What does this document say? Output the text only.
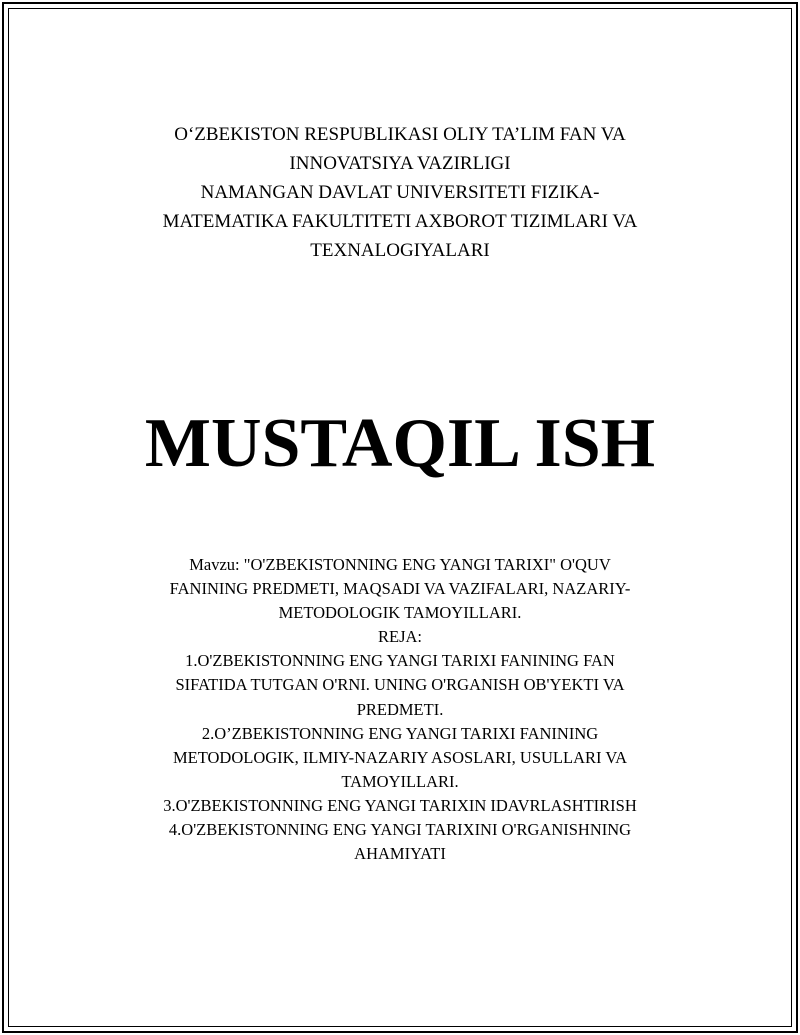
O‘ZBEKISTON RESPUBLIKASI OLIY TA’LIM FAN VA
INNOVATSIYA VAZIRLIGI
NAMANGAN DAVLAT UNIVERSITETI FIZIKA-
MATEMATIKA FAKULTITETI AXBOROT TIZIMLARI VA
TEXNALOGIYALARI
MUSTAQIL ISH
Mavzu: "O'ZBEKISTONNING ENG YANGI TARIXI" O'QUV
FANINING PREDMETI, MAQSADI VA VAZIFALARI, NAZARIY-
METODOLOGIK TAMOYILLARI.
REJA:
1.O'ZBEKISTONNING ENG YANGI TARIXI FANINING FAN
SIFATIDA TUTGAN O'RNI. UNING O'RGANISH OB'YEKTI VA
PREDMETI.
2.O’ZBEKISTONNING ENG YANGI TARIXI FANINING
METODOLOGIK, ILMIY-NAZARIY ASOSLARI, USULLARI VA
TAMOYILLARI.
3.O'ZBEKISTONNING ENG YANGI TARIXIN IDAVRLASHTIRISH
4.O'ZBEKISTONNING ENG YANGI TARIXINI O'RGANISHNING
AHAMIYATI
